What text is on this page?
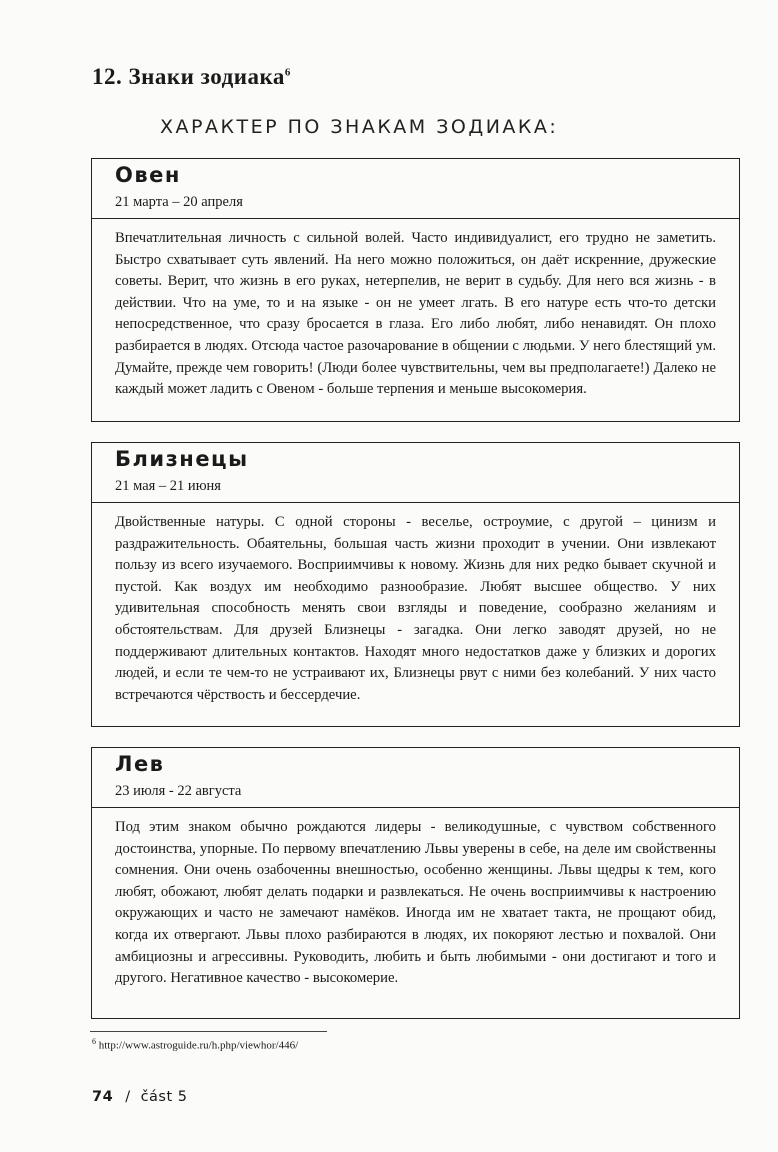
12. Знаки зодиака$^6$
ХАРАКТЕР ПО ЗНАКАМ ЗОДИАКА:
Овен
21 марта – 20 апреля
Впечатлительная личность с сильной волей. Часто индивидуалист, его трудно не заметить. Быстро схватывает суть явлений. На него можно положиться, он даёт искренние, дружеские советы. Верит, что жизнь в его руках, нетерпелив, не верит в судьбу. Для него вся жизнь - в действии. Что на уме, то и на языке - он не умеет лгать. В его натуре есть что-то детски непосредственное, что сразу бросается в глаза. Его либо любят, либо ненавидят. Он плохо разбирается в людях. Отсюда частое разочарование в общении с людьми. У него блестящий ум. Думайте, прежде чем говорить! (Люди более чувствительны, чем вы предполагаете!) Далеко не каждый может ладить с Овеном - больше терпения и меньше высокомерия.
Близнецы
21 мая – 21 июня
Двойственные натуры. С одной стороны - веселье, остроумие, с другой – цинизм и раздражительность. Обаятельны, большая часть жизни проходит в учении. Они извлекают пользу из всего изучаемого. Восприимчивы к новому. Жизнь для них редко бывает скучной и пустой. Как воздух им необходимо разнообразие. Любят высшее общество. У них удивительная способность менять свои взгляды и поведение, сообразно желаниям и обстоятельствам. Для друзей Близнецы - загадка. Они легко заводят друзей, но не поддерживают длительных контактов. Находят много недостатков даже у близких и дорогих людей, и если те чем-то не устраивают их, Близнецы рвут с ними без колебаний. У них часто встречаются чёрствость и бессердечие.
Лев
23 июля - 22 августа
Под этим знаком обычно рождаются лидеры - великодушные, с чувством собственного достоинства, упорные. По первому впечатлению Львы уверены в себе, на деле им свойственны сомнения. Они очень озабоченны внешностью, особенно женщины. Львы щедры к тем, кого любят, обожают, любят делать подарки и развлекаться. Не очень восприимчивы к настроению окружающих и часто не замечают намёков. Иногда им не хватает такта, не прощают обид, когда их отвергают. Львы плохо разбираются в людях, их покоряют лестью и похвалой. Они амбициозны и агрессивны. Руководить, любить и быть любимыми - они достигают и того и другого. Негативное качество - высокомерие.
$^6$ http://www.astroguide.ru/h.php/viewhor/446/
74 / část 5
